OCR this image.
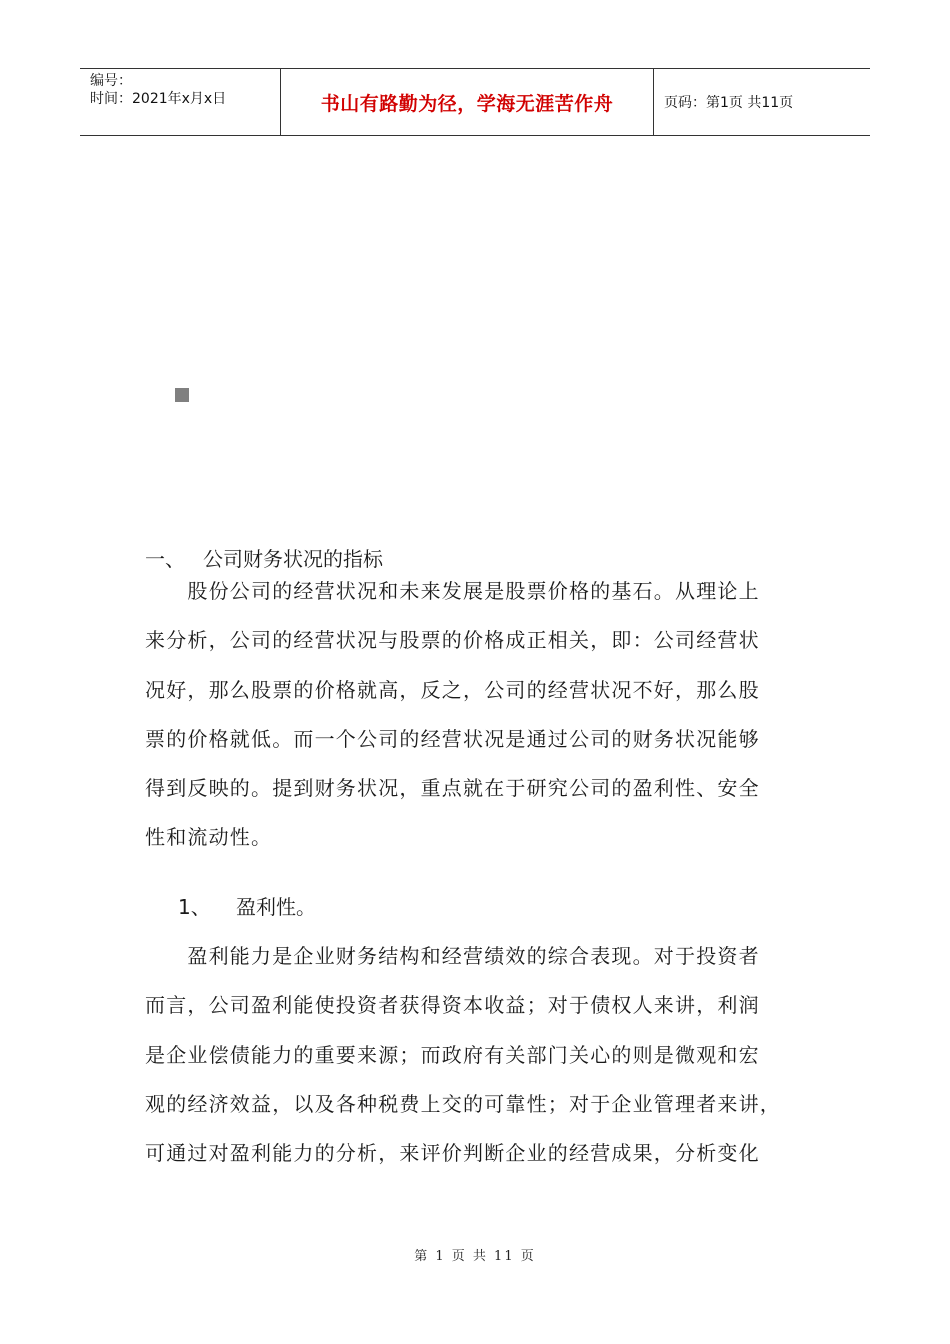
编号：
时间：2021年x月x日	书山有路勤为径，学海无涯苦作舟	页码：第1页 共11页
一、 公司财务状况的指标
　　股份公司的经营状况和未来发展是股票价格的基石。从理论上
来分析，公司的经营状况与股票的价格成正相关，即：公司经营状
况好，那么股票的价格就高，反之，公司的经营状况不好，那么股
票的价格就低。而一个公司的经营状况是通过公司的财务状况能够
得到反映的。提到财务状况，重点就在于研究公司的盈利性、安全
性和流动性。
1、 盈利性。
　　盈利能力是企业财务结构和经营绩效的综合表现。对于投资者
而言，公司盈利能使投资者获得资本收益；对于债权人来讲，利润
是企业偿债能力的重要来源；而政府有关部门关心的则是微观和宏
观的经济效益，以及各种税费上交的可靠性；对于企业管理者来讲，
可通过对盈利能力的分析，来评价判断企业的经营成果，分析变化
第 1 页 共 11 页
